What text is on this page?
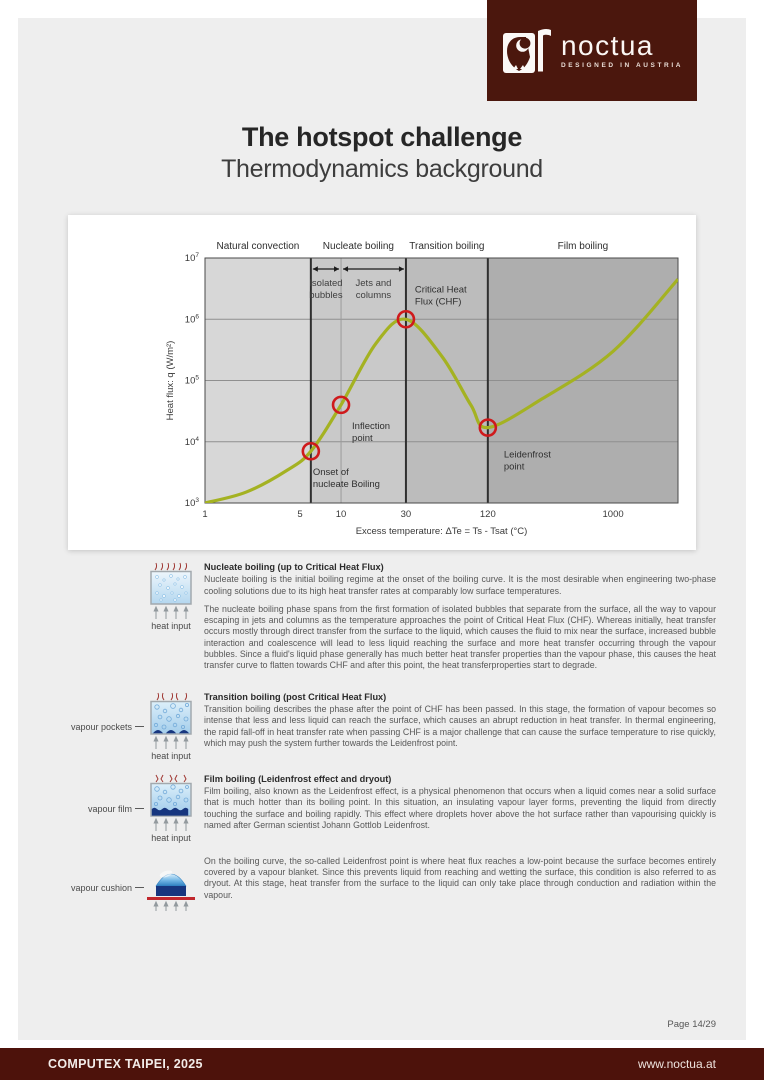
noctua
DESIGNED IN AUSTRIA
The hotspot challenge
Thermodynamics background
Natural convection Nucleate boiling Transition boiling	Film boiling
Isolated bubbles
Jets and columns
Onset of nucleate Boiling
Inflection point
Critical Heat Flux (CHF)
Leidenfrost point
$10^3$
$10^4$
$10^5$
$10^6$
$10^7$
Heat flux: q (W/m²)
1	5	10	30	120	1000
Excess temperature: ΔTe = Ts - Tsat (°C)
heat input
Nucleate boiling (up to Critical Heat Flux)

Nucleate boiling is the initial boiling regime at the onset of the boiling curve. It is the most desirable when engineering two-phase cooling solutions due to its high heat transfer rates at comparably low surface temperatures.

The nucleate boiling phase spans from the first formation of isolated bubbles that separate from the surface, all the way to vapour escaping in jets and columns as the temperature approaches the point of Critical Heat Flux (CHF). Whereas initially, heat transfer occurs mostly through direct transfer from the surface to the liquid, which causes the fluid to mix near the surface, increased bubble interaction and coalescence will lead to less liquid reaching the surface and more heat transfer occurring through the vapour bubbles. Since a fluid's liquid phase generally has much better heat transfer properties than the vapour phase, this causes the heat transfer curve to flatten towards CHF and after this point, the heat transferproperties start to degrade.

vapour pockets
heat input
Transition boiling (post Critical Heat Flux)

Transition boiling describes the phase after the point of CHF has been passed. In this stage, the formation of vapour becomes so intense that less and less liquid can reach the surface, which causes an abrupt reduction in heat transfer. In thermal engineering, the rapid fall-off in heat transfer rate when passing CHF is a major challenge that can cause the surface temperature to rise quickly, which may push the system further towards the Leidenfrost point.

vapour film
heat input
Film boiling (Leidenfrost effect and dryout)

Film boiling, also known as the Leidenfrost effect, is a physical phenomenon that occurs when a liquid comes near a solid surface that is much hotter than its boiling point. In this situation, an insulating vapour layer forms, preventing the liquid from directly touching the surface and boiling rapidly. This effect where droplets hover above the hot surface rather than vapourising quickly is named after German scientist Johann Gottlob Leidenfrost.

vapour cushion

On the boiling curve, the so-called Leidenfrost point is where heat flux reaches a low-point because the surface becomes entirely covered by a vapour blanket. Since this prevents liquid from reaching and wetting the surface, this condition is also referred to as dryout. At this stage, heat transfer from the surface to the liquid can only take place through conduction and radiation within the vapour.

Page 14/29
COMPUTEX TAIPEI, 2025	www.noctua.at
